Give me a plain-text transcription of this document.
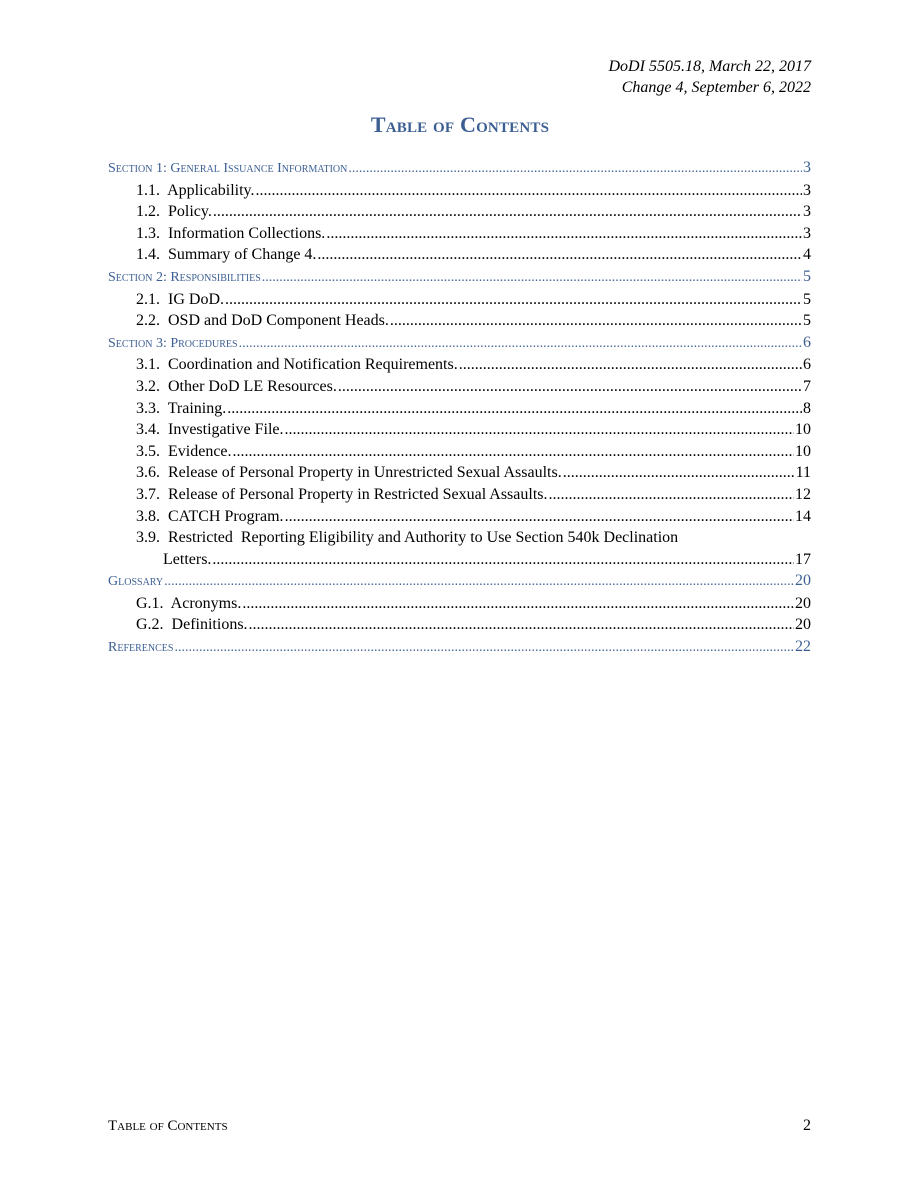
DoDI 5505.18, March 22, 2017
Change 4, September 6, 2022
Table of Contents
Section 1: General Issuance Information .....	3
1.1.  Applicability. .....	3
1.2.  Policy. .....	3
1.3.  Information Collections. .....	3
1.4.  Summary of Change 4. .....	4
Section 2: Responsibilities .....	5
2.1.  IG DoD. .....	5
2.2.  OSD and DoD Component Heads. .....	5
Section 3: Procedures .....	6
3.1.  Coordination and Notification Requirements. .....	6
3.2.  Other DoD LE Resources. .....	7
3.3.  Training. .....	8
3.4.  Investigative File. .....	10
3.5.  Evidence. .....	10
3.6.  Release of Personal Property in Unrestricted Sexual Assaults. .....	11
3.7.  Release of Personal Property in Restricted Sexual Assaults. .....	12
3.8.  CATCH Program. .....	14
3.9.  Restricted  Reporting Eligibility and Authority to Use Section 540k Declination
Letters. .....	17
Glossary .....	20
G.1.  Acronyms. .....	20
G.2.  Definitions. .....	20
References .....	22
Table of Contents	2
